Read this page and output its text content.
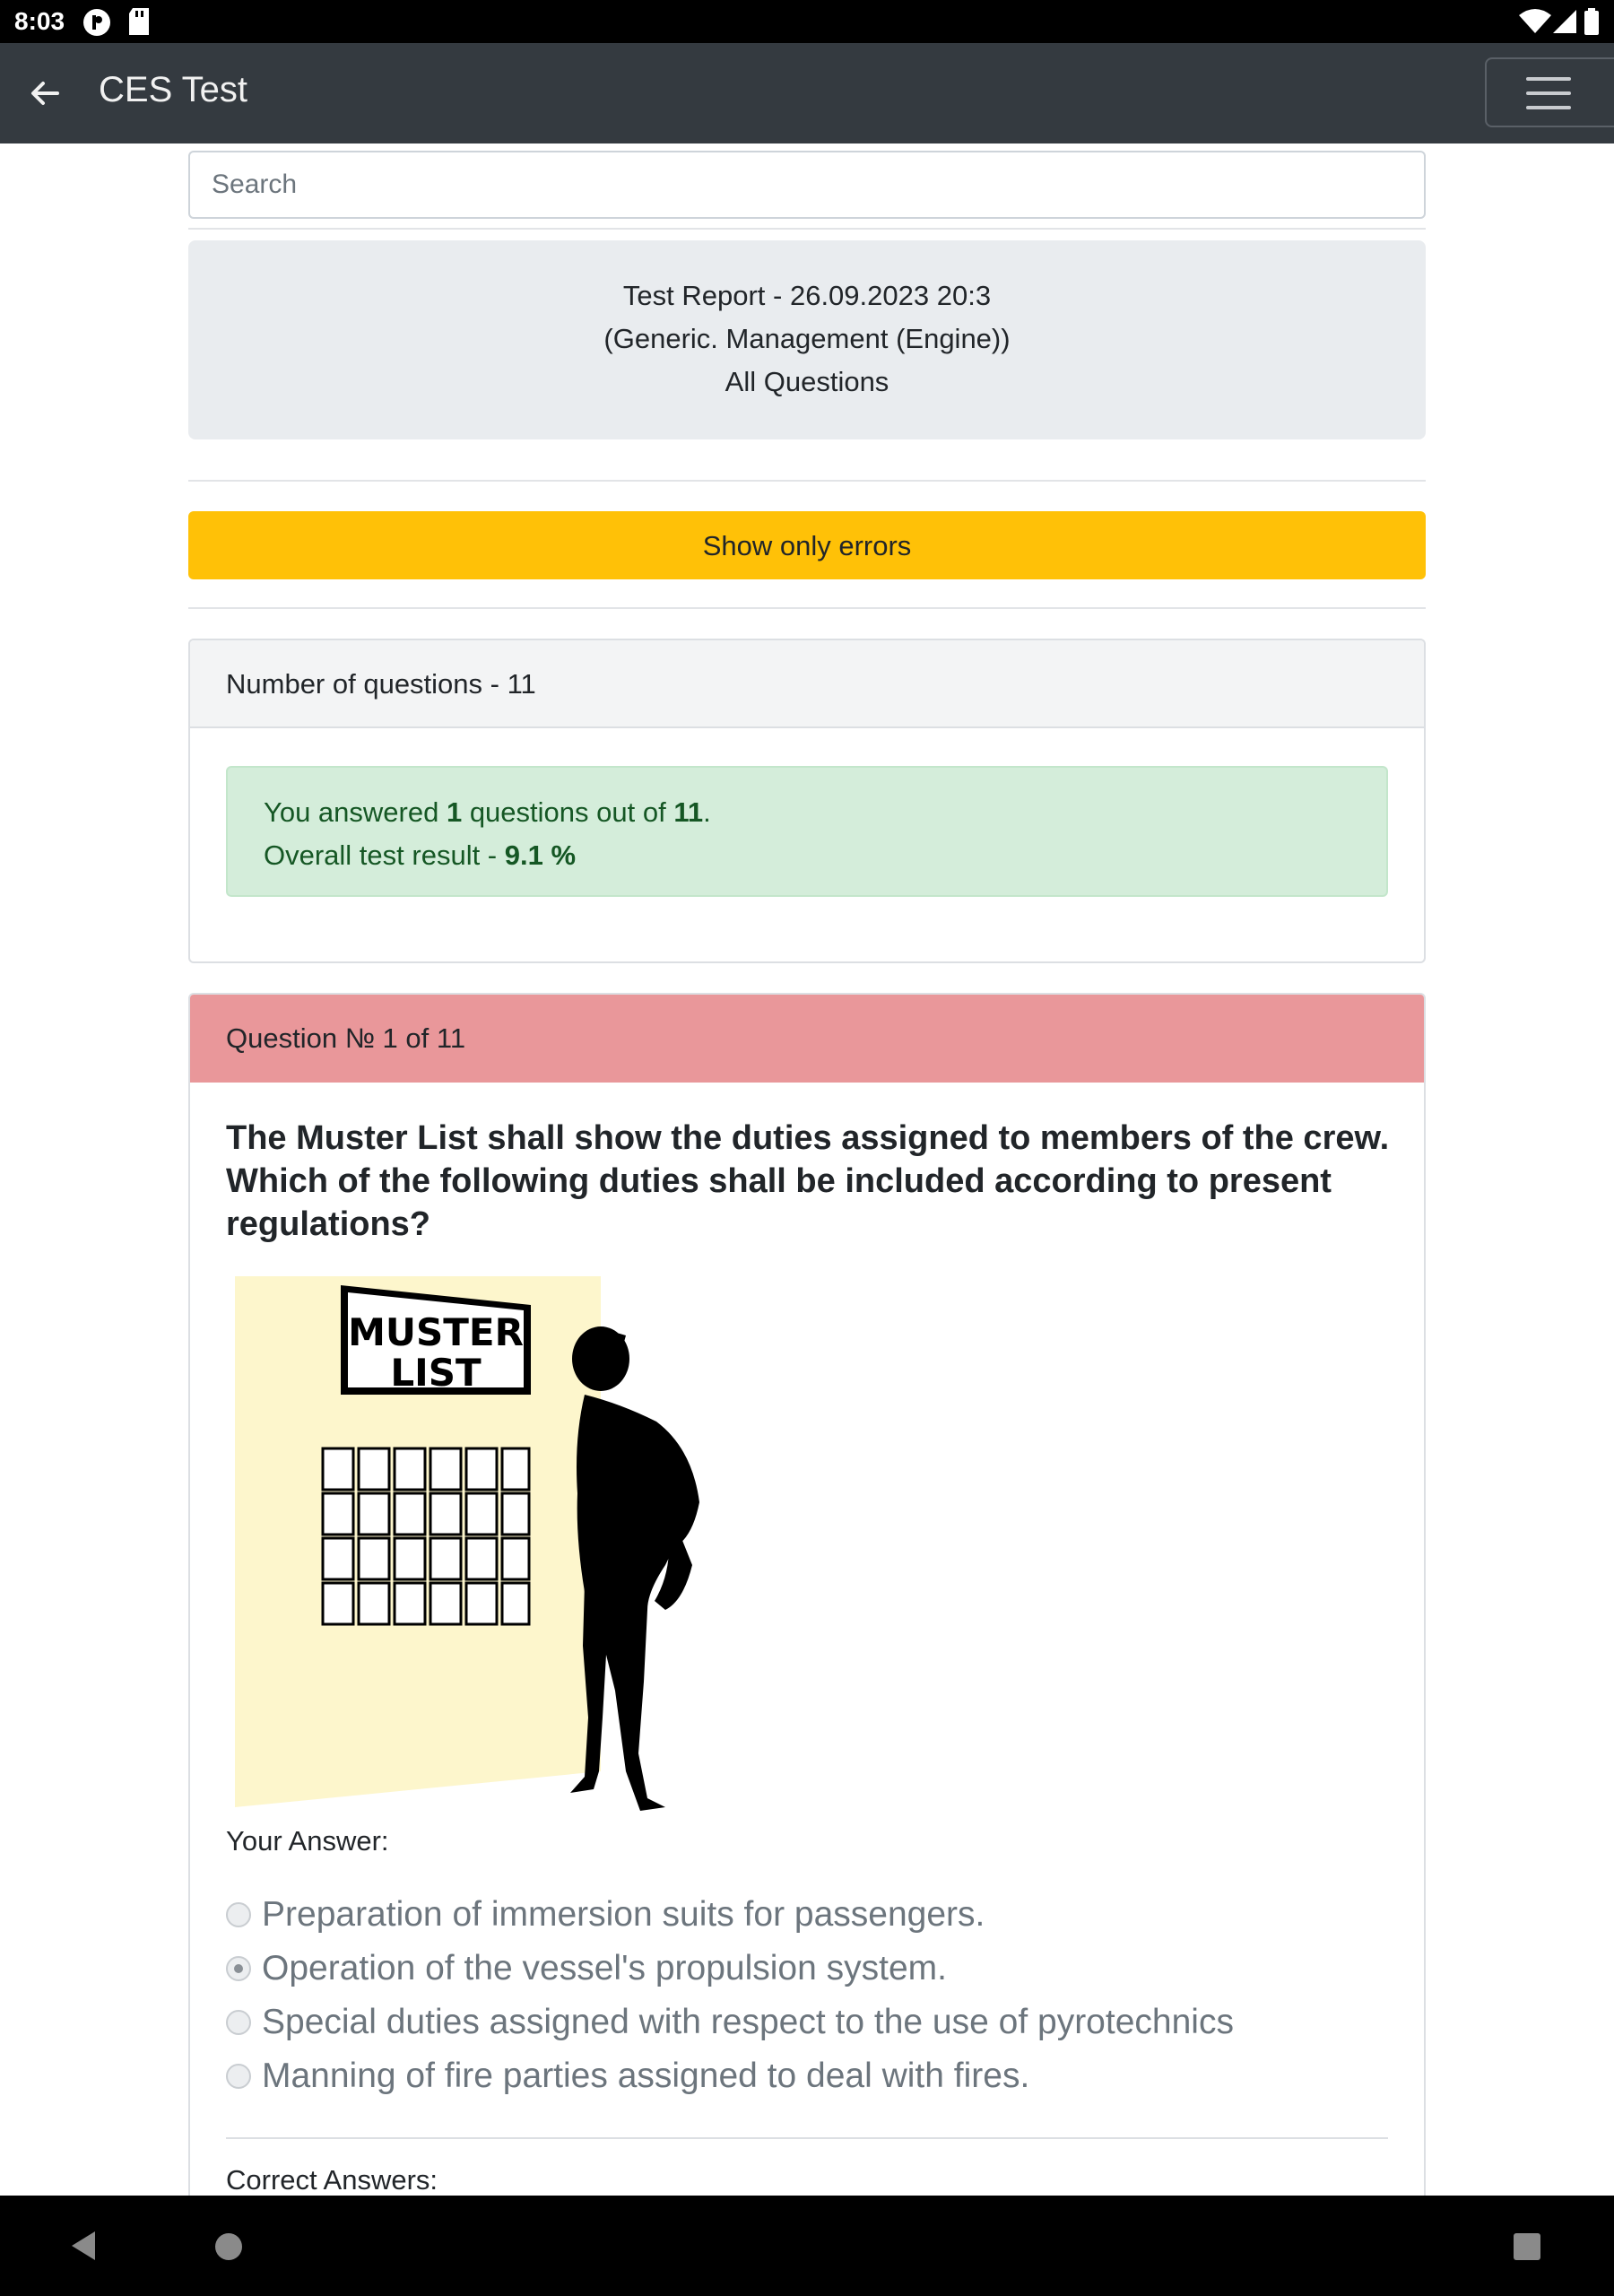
8:03
CES Test
Search
Test Report - 26.09.2023 20:3
(Generic. Management (Engine))
All Questions
Show only errors
Number of questions - 11
You answered 1 questions out of 11.
Overall test result - 9.1 %
Question № 1 of 11
The Muster List shall show the duties assigned to members of the crew. Which of the following duties shall be included according to present regulations?
MUSTER
LIST
Your Answer:
Preparation of immersion suits for passengers.
Operation of the vessel's propulsion system.
Special duties assigned with respect to the use of pyrotechnics
Manning of fire parties assigned to deal with fires.
Correct Answers:
